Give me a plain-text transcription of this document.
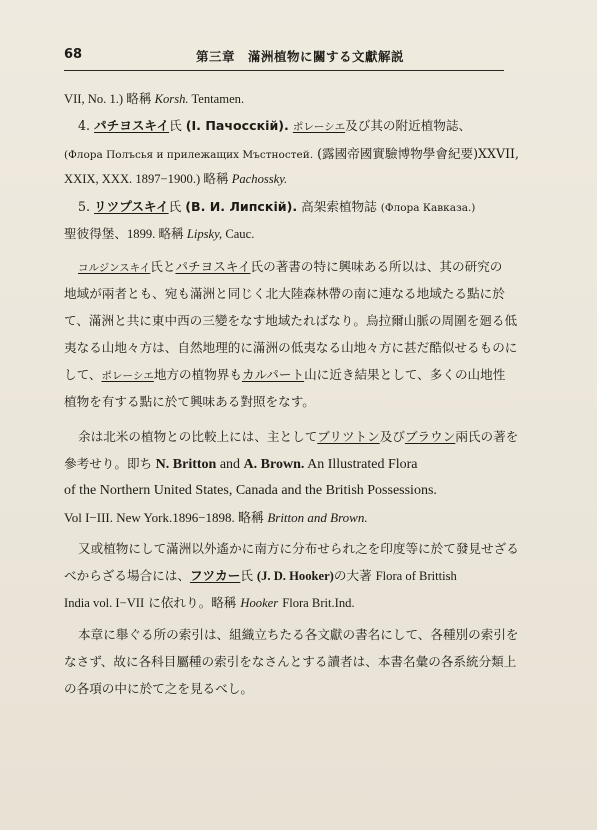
68	第三章　滿洲植物に關する文獻解説
VII, No. 1.) 略稱 Korsh. Tentamen.
4. パチヨスキイ氏 (I. Пачоcскiй). ポレーシエ及び其の附近植物誌、
(Флора Полъсья и прилежащих Мъстностей. (露國帝國實驗博物學會紀要)XXVII,
XXIX, XXX. 1897−1900.) 略稱 Pachossky.
5. リツプスキイ氏 (B. И. Липскiй). 高架索植物誌 (Флора Кавказа.)
聖彼得堡、1899. 略稱 Lipsky, Cauc.
コルジンスキイ氏とパチヨスキイ氏の著書の特に興味ある所以は、其の研究の
地域が兩者とも、宛も滿洲と同じく北大陸森林帶の南に連なる地域たる點に於
て、滿洲と共に東中西の三變をなす地域たればなり。烏拉爾山脈の周圍を廻る低
夷なる山地々方は、自然地理的に滿洲の低夷なる山地々方に甚だ酷似せるものに
して、ポレーシエ地方の植物界もカルパート山に近き結果として、多くの山地性
植物を有する點に於て興味ある對照をなす。
余は北米の植物との比較上には、主としてブリツトン及びブラウン兩氏の著を
參考せり。即ち N. Britton and A. Brown. An Illustrated Flora
of the Northern United States, Canada and the British Possessions.
Vol I−III. New York.1896−1898. 略稱 Britton and Brown.
又或植物にして滿洲以外遙かに南方に分布せられ之を印度等に於て發見せざる
べからざる場合には、フツカー氏 (J. D. Hooker)の大著 Flora of Brittish
India vol. I−VII に依れり。略稱 Hooker Flora Brit.Ind.
本章に舉ぐる所の索引は、組織立ちたる各文獻の書名にして、各種別の索引を
なさず、故に各科目屬種の索引をなさんとする讀者は、本書名彙の各系統分類上
の各項の中に於て之を見るべし。
